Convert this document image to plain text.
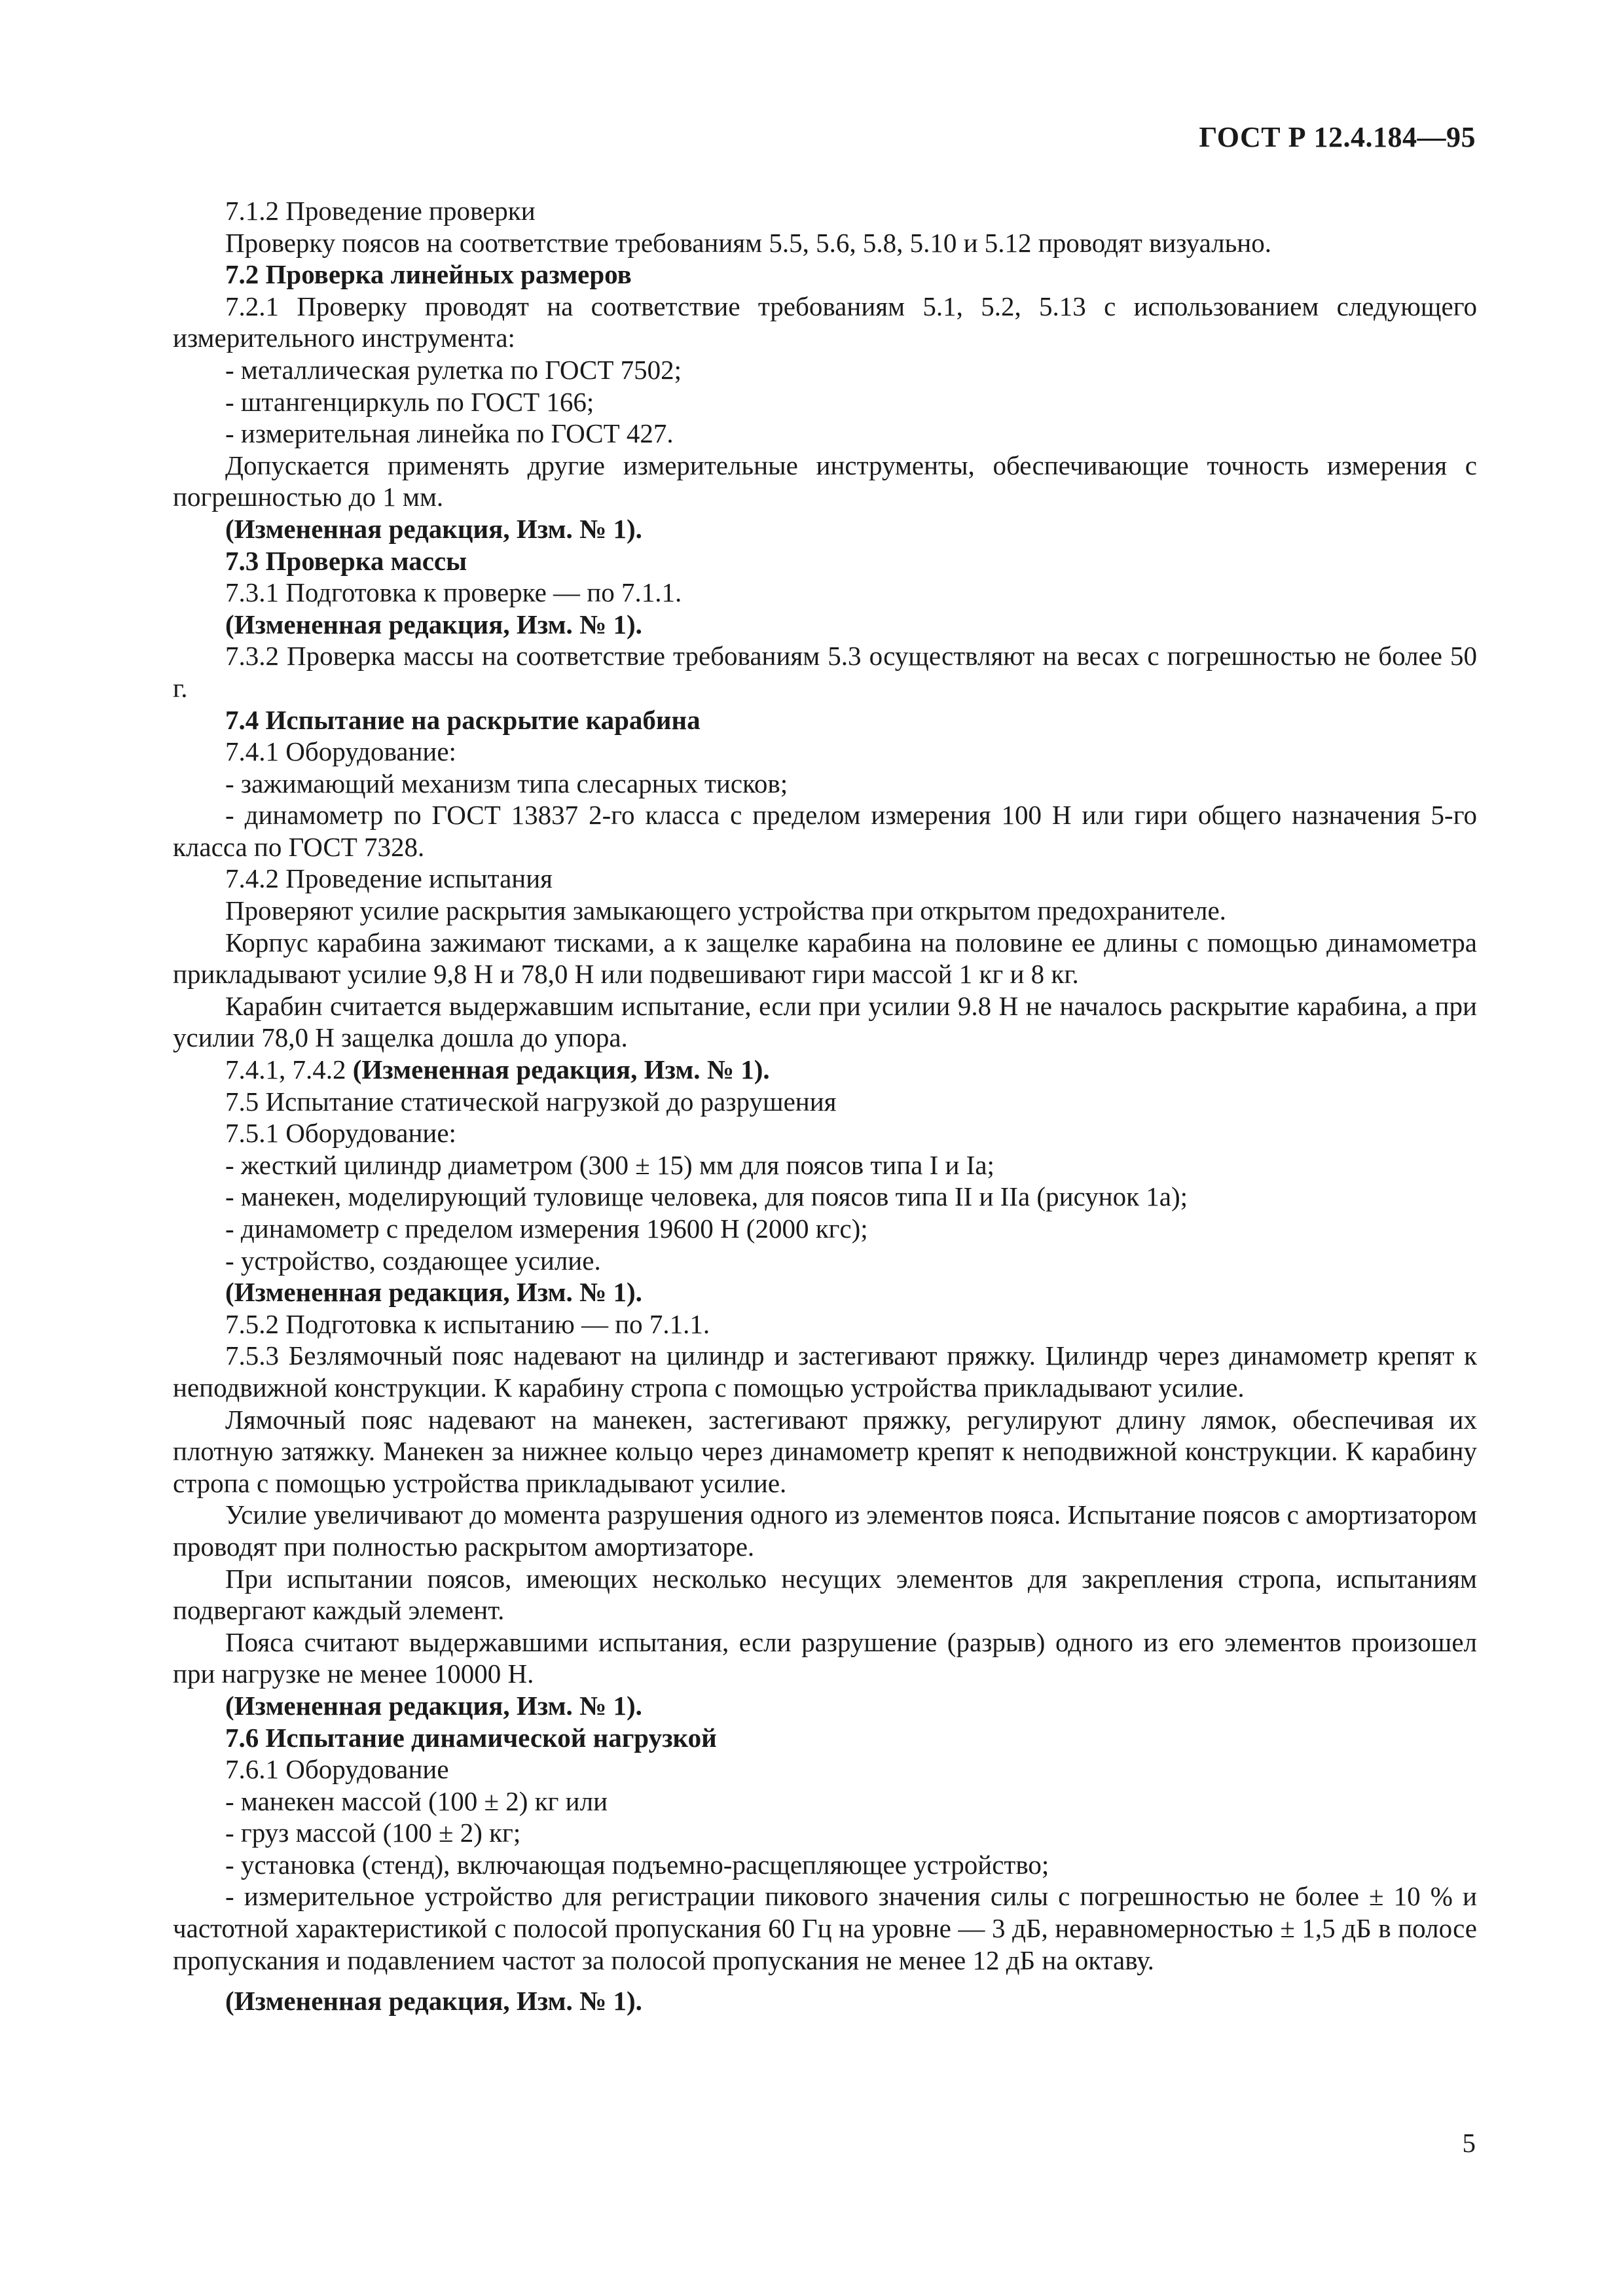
ГОСТ Р 12.4.184—95

7.1.2 Проведение проверки

Проверку поясов на соответствие требованиям 5.5, 5.6, 5.8, 5.10 и 5.12 проводят визуально.

7.2 Проверка линейных размеров

7.2.1 Проверку проводят на соответствие требованиям 5.1, 5.2, 5.13 с использованием следующего измерительного инструмента:

- металлическая рулетка по ГОСТ 7502;

- штангенциркуль по ГОСТ 166;

- измерительная линейка по ГОСТ 427.

Допускается применять другие измерительные инструменты, обеспечивающие точность измерения с погрешностью до 1 мм.

(Измененная редакция, Изм. № 1).

7.3 Проверка массы

7.3.1 Подготовка к проверке — по 7.1.1.

(Измененная редакция, Изм. № 1).

7.3.2 Проверка массы на соответствие требованиям 5.3 осуществляют на весах с погрешностью не более 50 г.

7.4 Испытание на раскрытие карабина

7.4.1 Оборудование:

- зажимающий механизм типа слесарных тисков;

- динамометр по ГОСТ 13837 2-го класса с пределом измерения 100 Н или гири общего назначения 5-го класса по ГОСТ 7328.

7.4.2 Проведение испытания

Проверяют усилие раскрытия замыкающего устройства при открытом предохранителе.

Корпус карабина зажимают тисками, а к защелке карабина на половине ее длины с помощью динамометра прикладывают усилие 9,8 Н и 78,0 Н или подвешивают гири массой 1 кг и 8 кг.

Карабин считается выдержавшим испытание, если при усилии 9.8 Н не началось раскрытие карабина, а при усилии 78,0 Н защелка дошла до упора.

7.4.1, 7.4.2 (Измененная редакция, Изм. № 1).

7.5 Испытание статической нагрузкой до разрушения

7.5.1 Оборудование:

- жесткий цилиндр диаметром (300 ± 15) мм для поясов типа I и Iа;

- манекен, моделирующий туловище человека, для поясов типа II и IIа (рисунок 1а);

- динамометр с пределом измерения 19600 Н (2000 кгс);

- устройство, создающее усилие.

(Измененная редакция, Изм. № 1).

7.5.2 Подготовка к испытанию — по 7.1.1.

7.5.3 Безлямочный пояс надевают на цилиндр и застегивают пряжку. Цилиндр через динамометр крепят к неподвижной конструкции. К карабину стропа с помощью устройства прикладывают усилие.

Лямочный пояс надевают на манекен, застегивают пряжку, регулируют длину лямок, обеспечивая их плотную затяжку. Манекен за нижнее кольцо через динамометр крепят к неподвижной конструкции. К карабину стропа с помощью устройства прикладывают усилие.

Усилие увеличивают до момента разрушения одного из элементов пояса. Испытание поясов с амортизатором проводят при полностью раскрытом амортизаторе.

При испытании поясов, имеющих несколько несущих элементов для закрепления стропа, испытаниям подвергают каждый элемент.

Пояса считают выдержавшими испытания, если разрушение (разрыв) одного из его элементов произошел при нагрузке не менее 10000 Н.

(Измененная редакция, Изм. № 1).

7.6 Испытание динамической нагрузкой

7.6.1 Оборудование

- манекен массой (100 ± 2) кг или

- груз массой (100 ± 2) кг;

- установка (стенд), включающая подъемно-расщепляющее устройство;

- измерительное устройство для регистрации пикового значения силы с погрешностью не более ± 10 % и частотной характеристикой с полосой пропускания 60 Гц на уровне — 3 дБ, неравномерностью ± 1,5 дБ в полосе пропускания и подавлением частот за полосой пропускания не менее 12 дБ на октаву.

(Измененная редакция, Изм. № 1).

5
